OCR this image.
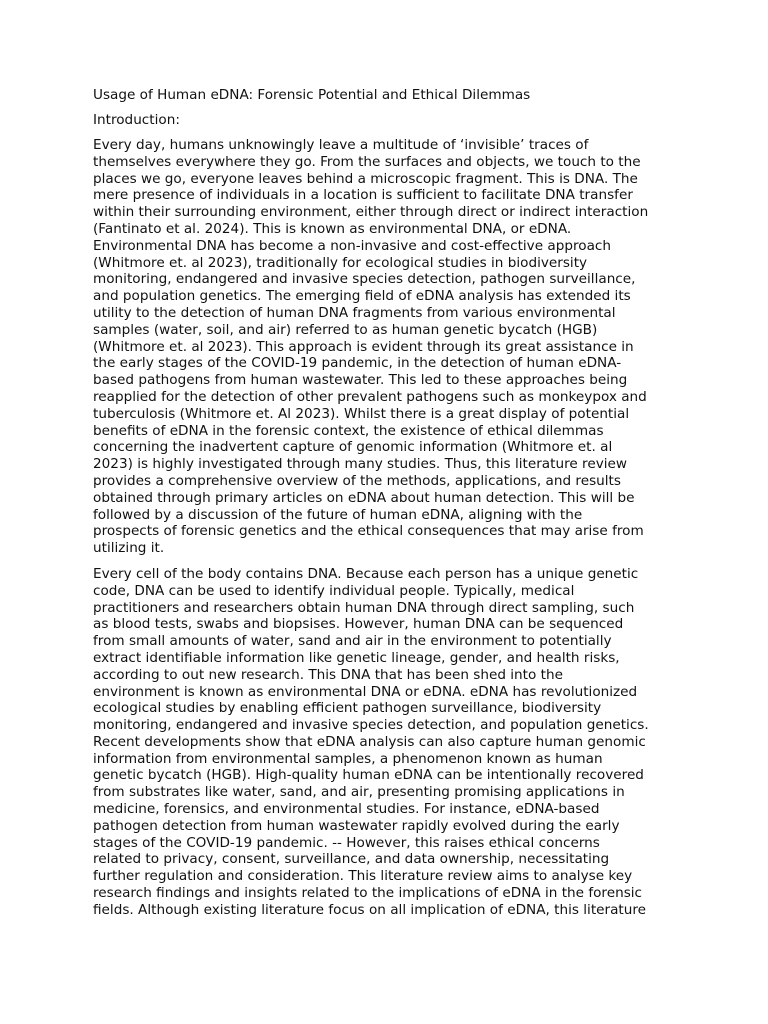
Usage of Human eDNA: Forensic Potential and Ethical Dilemmas
Introduction:
Every day, humans unknowingly leave a multitude of ‘invisible’ traces of
themselves everywhere they go. From the surfaces and objects, we touch to the
places we go, everyone leaves behind a microscopic fragment. This is DNA. The
mere presence of individuals in a location is sufficient to facilitate DNA transfer
within their surrounding environment, either through direct or indirect interaction
(Fantinato et al. 2024). This is known as environmental DNA, or eDNA.
Environmental DNA has become a non-invasive and cost-effective approach
(Whitmore et. al 2023), traditionally for ecological studies in biodiversity
monitoring, endangered and invasive species detection, pathogen surveillance,
and population genetics. The emerging field of eDNA analysis has extended its
utility to the detection of human DNA fragments from various environmental
samples (water, soil, and air) referred to as human genetic bycatch (HGB)
(Whitmore et. al 2023). This approach is evident through its great assistance in
the early stages of the COVID-19 pandemic, in the detection of human eDNA-
based pathogens from human wastewater. This led to these approaches being
reapplied for the detection of other prevalent pathogens such as monkeypox and
tuberculosis (Whitmore et. Al 2023). Whilst there is a great display of potential
benefits of eDNA in the forensic context, the existence of ethical dilemmas
concerning the inadvertent capture of genomic information (Whitmore et. al
2023) is highly investigated through many studies. Thus, this literature review
provides a comprehensive overview of the methods, applications, and results
obtained through primary articles on eDNA about human detection. This will be
followed by a discussion of the future of human eDNA, aligning with the
prospects of forensic genetics and the ethical consequences that may arise from
utilizing it.
Every cell of the body contains DNA. Because each person has a unique genetic
code, DNA can be used to identify individual people. Typically, medical
practitioners and researchers obtain human DNA through direct sampling, such
as blood tests, swabs and biopsises. However, human DNA can be sequenced
from small amounts of water, sand and air in the environment to potentially
extract identifiable information like genetic lineage, gender, and health risks,
according to out new research. This DNA that has been shed into the
environment is known as environmental DNA or eDNA. eDNA has revolutionized
ecological studies by enabling efficient pathogen surveillance, biodiversity
monitoring, endangered and invasive species detection, and population genetics.
Recent developments show that eDNA analysis can also capture human genomic
information from environmental samples, a phenomenon known as human
genetic bycatch (HGB). High-quality human eDNA can be intentionally recovered
from substrates like water, sand, and air, presenting promising applications in
medicine, forensics, and environmental studies. For instance, eDNA-based
pathogen detection from human wastewater rapidly evolved during the early
stages of the COVID-19 pandemic. -- However, this raises ethical concerns
related to privacy, consent, surveillance, and data ownership, necessitating
further regulation and consideration. This literature review aims to analyse key
research findings and insights related to the implications of eDNA in the forensic
fields. Although existing literature focus on all implication of eDNA, this literature
